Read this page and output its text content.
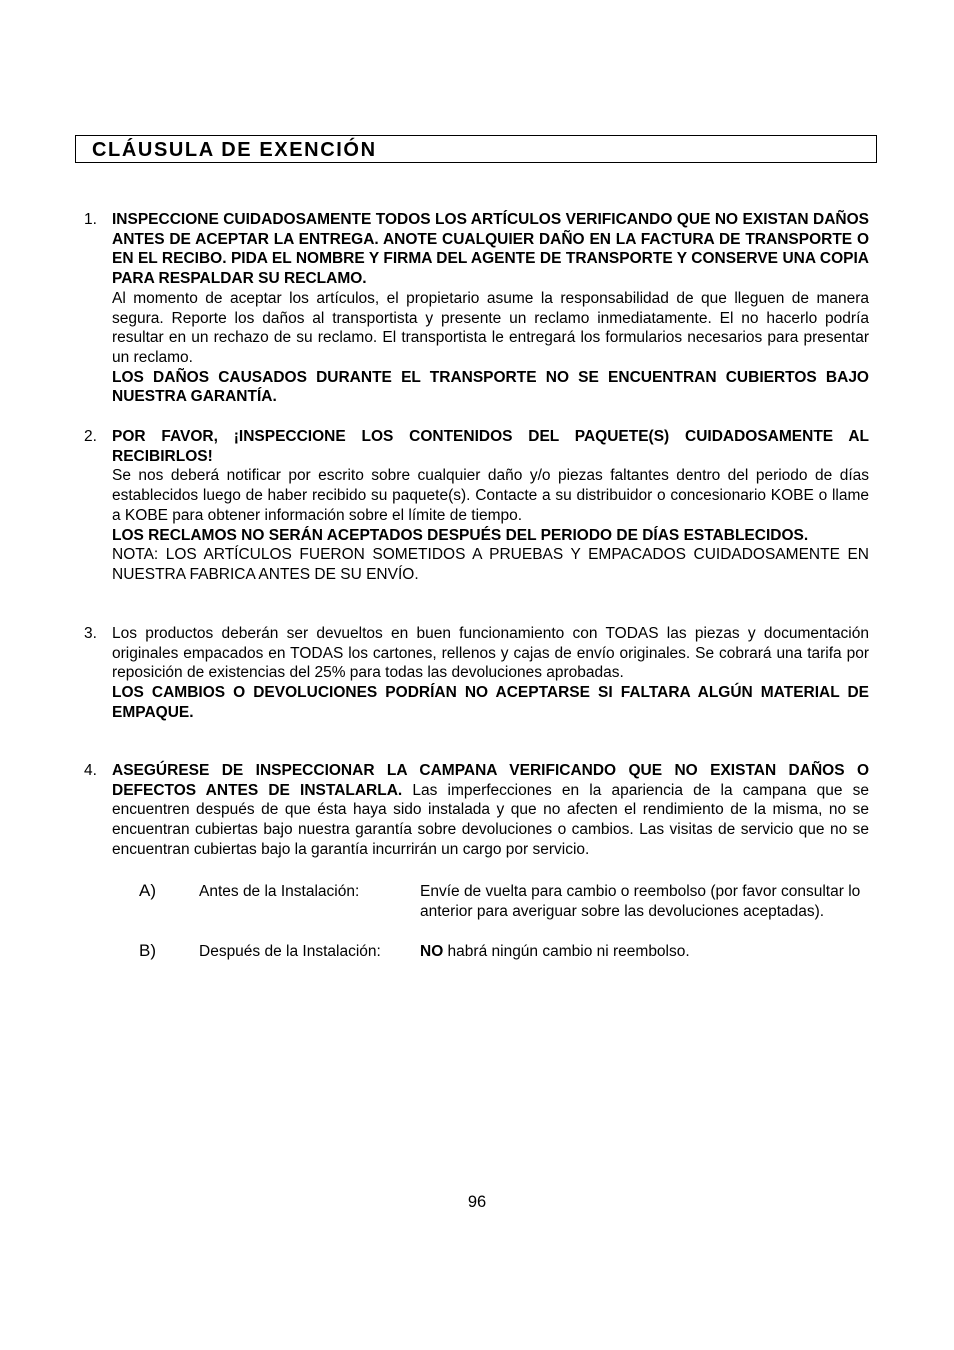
CLÁUSULA DE EXENCIÓN
1. INSPECCIONE CUIDADOSAMENTE TODOS LOS ARTÍCULOS VERIFICANDO QUE NO EXISTAN DAÑOS ANTES DE ACEPTAR LA ENTREGA. ANOTE CUALQUIER DAÑO EN LA FACTURA DE TRANSPORTE O EN EL RECIBO. PIDA EL NOMBRE Y FIRMA DEL AGENTE DE TRANSPORTE Y CONSERVE UNA COPIA PARA RESPALDAR SU RECLAMO.

Al momento de aceptar los artículos, el propietario asume la responsabilidad de que lleguen de manera segura. Reporte los daños al transportista y presente un reclamo inmediatamente. El no hacerlo podría resultar en un rechazo de su reclamo. El transportista le entregará los formularios necesarios para presentar un reclamo.

LOS DAÑOS CAUSADOS DURANTE EL TRANSPORTE NO SE ENCUENTRAN CUBIERTOS BAJO NUESTRA GARANTÍA.

2. POR FAVOR, ¡INSPECCIONE LOS CONTENIDOS DEL PAQUETE(S) CUIDADOSAMENTE AL RECIBIRLOS!

Se nos deberá notificar por escrito sobre cualquier daño y/o piezas faltantes dentro del periodo de días establecidos luego de haber recibido su paquete(s). Contacte a su distribuidor o concesionario KOBE o llame a KOBE para obtener información sobre el límite de tiempo.

LOS RECLAMOS NO SERÁN ACEPTADOS DESPUÉS DEL PERIODO DE DÍAS ESTABLECIDOS.

NOTA: LOS ARTÍCULOS FUERON SOMETIDOS A PRUEBAS Y EMPACADOS CUIDADOSAMENTE EN NUESTRA FABRICA ANTES DE SU ENVÍO.

3. Los productos deberán ser devueltos en buen funcionamiento con TODAS las piezas y documentación originales empacados en TODAS los cartones, rellenos y cajas de envío originales. Se cobrará una tarifa por reposición de existencias del 25% para todas las devoluciones aprobadas.

LOS CAMBIOS O DEVOLUCIONES PODRÍAN NO ACEPTARSE SI FALTARA ALGÚN MATERIAL DE EMPAQUE.

4. ASEGÚRESE DE INSPECCIONAR LA CAMPANA VERIFICANDO QUE NO EXISTAN DAÑOS O DEFECTOS ANTES DE INSTALARLA. Las imperfecciones en la apariencia de la campana que se encuentren después de que ésta haya sido instalada y que no afecten el rendimiento de la misma, no se encuentran cubiertas bajo nuestra garantía sobre devoluciones o cambios. Las visitas de servicio que no se encuentran cubiertas bajo la garantía incurrirán un cargo por servicio.

A)	Antes de la Instalación:	Envíe de vuelta para cambio o reembolso (por favor consultar lo anterior para averiguar sobre las devoluciones aceptadas).
B)	Después de la Instalación:	NO habrá ningún cambio ni reembolso.
96
